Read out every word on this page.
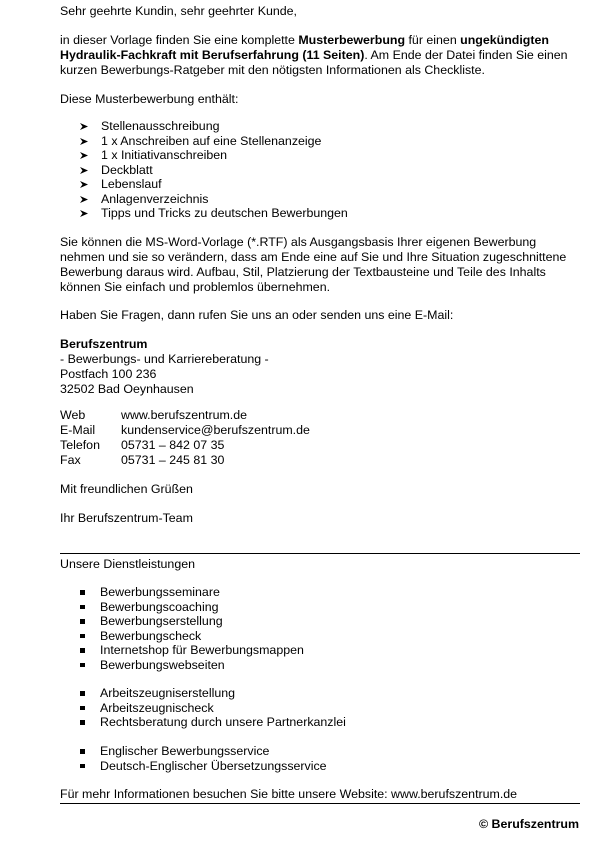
Sehr geehrte Kundin, sehr geehrter Kunde,

in dieser Vorlage finden Sie eine komplette Musterbewerbung für einen ungekündigten Hydraulik-Fachkraft mit Berufserfahrung (11 Seiten). Am Ende der Datei finden Sie einen kurzen Bewerbungs-Ratgeber mit den nötigsten Informationen als Checkliste.

Diese Musterbewerbung enthält:

Stellenausschreibung
1 x Anschreiben auf eine Stellenanzeige
1 x Initiativanschreiben
Deckblatt
Lebenslauf
Anlagenverzeichnis
Tipps und Tricks zu deutschen Bewerbungen

Sie können die MS-Word-Vorlage (*.RTF) als Ausgangsbasis Ihrer eigenen Bewerbung nehmen und sie so verändern, dass am Ende eine auf Sie und Ihre Situation zugeschnittene Bewerbung daraus wird. Aufbau, Stil, Platzierung der Textbausteine und Teile des Inhalts können Sie einfach und problemlos übernehmen.

Haben Sie Fragen, dann rufen Sie uns an oder senden uns eine E-Mail:

Berufszentrum

- Bewerbungs- und Karriereberatung -

Postfach 100 236

32502 Bad Oeynhausen

Web	www.berufszentrum.de
E-Mail	kundenservice@berufszentrum.de
Telefon	05731 – 842 07 35
Fax	05731 – 245 81 30

Mit freundlichen Grüßen

Ihr Berufszentrum-Team

Unsere Dienstleistungen

Bewerbungsseminare
Bewerbungscoaching
Bewerbungserstellung
Bewerbungscheck
Internetshop für Bewerbungsmappen
Bewerbungswebseiten
Arbeitszeugniserstellung
Arbeitszeugnischeck
Rechtsberatung durch unsere Partnerkanzlei
Englischer Bewerbungsservice
Deutsch-Englischer Übersetzungsservice

Für mehr Informationen besuchen Sie bitte unsere Website: www.berufszentrum.de

© Berufszentrum
